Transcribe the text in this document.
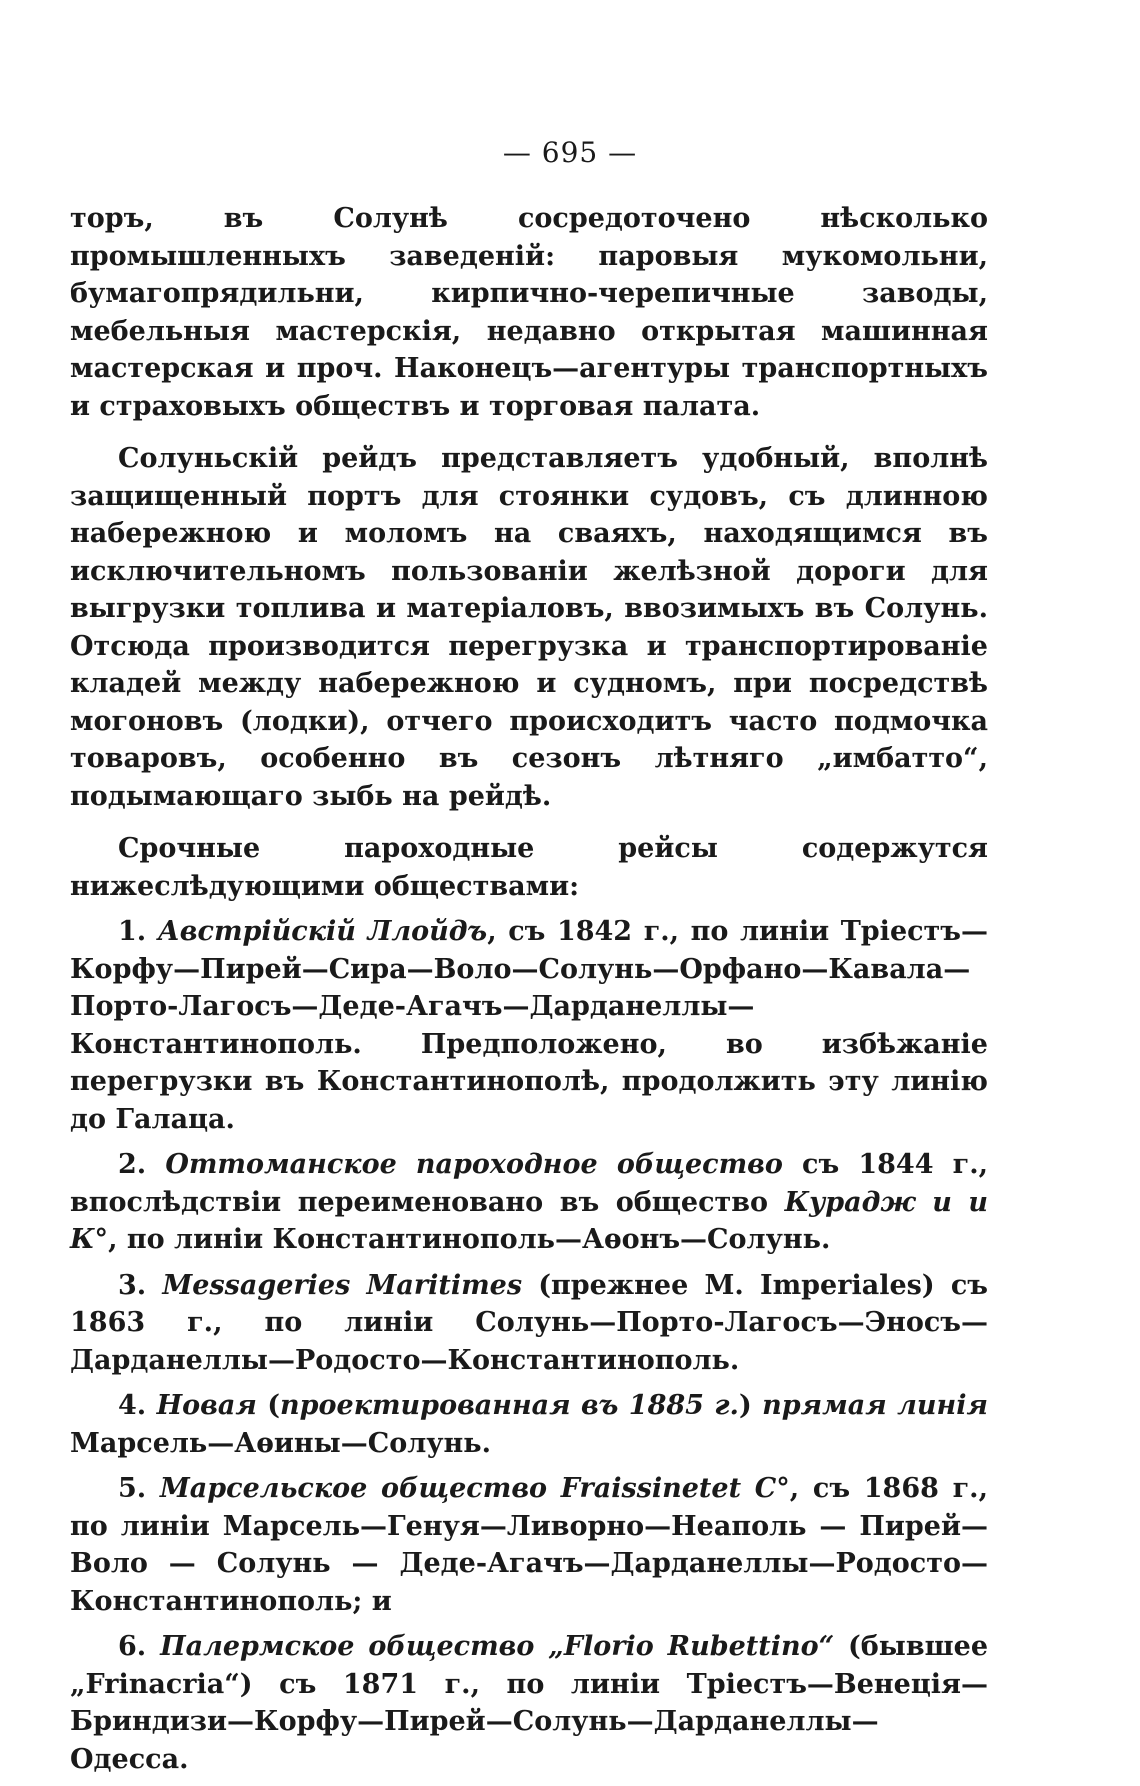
— 695 —

торъ, въ Солунѣ сосредоточено нѣсколько промышленныхъ заведеній: паровыя мукомольни, бумагопрядильни, кирпично-черепичные заводы, мебельныя мастерскія, недавно открытая машинная мастерская и проч. Наконецъ—агентуры транспортныхъ и страховыхъ обществъ и торговая палата.

Солуньскій рейдъ представляетъ удобный, вполнѣ защищенный портъ для стоянки судовъ, съ длинною набережною и моломъ на сваяхъ, находящимся въ исключительномъ пользованіи желѣзной дороги для выгрузки топлива и матеріаловъ, ввозимыхъ въ Солунь. Отсюда производится перегрузка и транспортированіе кладей между набережною и судномъ, при посредствѣ могоновъ (лодки), отчего происходитъ часто подмочка товаровъ, особенно въ сезонъ лѣтняго „имбатто“, подымающаго зыбь на рейдѣ.

Срочные пароходные рейсы содержутся нижеслѣдующими обществами:

1. Австрійскій Ллойдъ, съ 1842 г., по линіи Тріестъ—Корфу—Пирей—Сира—Воло—Солунь—Орфано—Кавала—Порто-Лагосъ—Деде-Агачъ—Дарданеллы—Константинополь. Предположено, во избѣжаніе перегрузки въ Константинополѣ, продолжить эту линію до Галаца.

2. Оттоманское пароходное общество съ 1844 г., впослѣдствіи переименовано въ общество Курадж и и К°, по линіи Константинополь—Аѳонъ—Солунь.

3. Messageries Maritimes (прежнее M. Imperiales) съ 1863 г., по линіи Солунь—Порто-Лагосъ—Эносъ—Дарданеллы—Родосто—Константинополь.

4. Новая (проектированная въ 1885 г.) прямая линія Марсель—Аѳины—Солунь.

5. Марсельское общество Fraissinetet C°, съ 1868 г., по линіи Марсель—Генуя—Ливорно—Неаполь — Пирей—Воло — Солунь — Деде-Агачъ—Дарданеллы—Родосто—Константинополь; и

6. Палермское общество „Florio Rubettino“ (бывшее „Frinacria“) съ 1871 г., по линіи Тріестъ—Венеція—Бриндизи—Корфу—Пирей—Солунь—Дарданеллы—Одесса.
